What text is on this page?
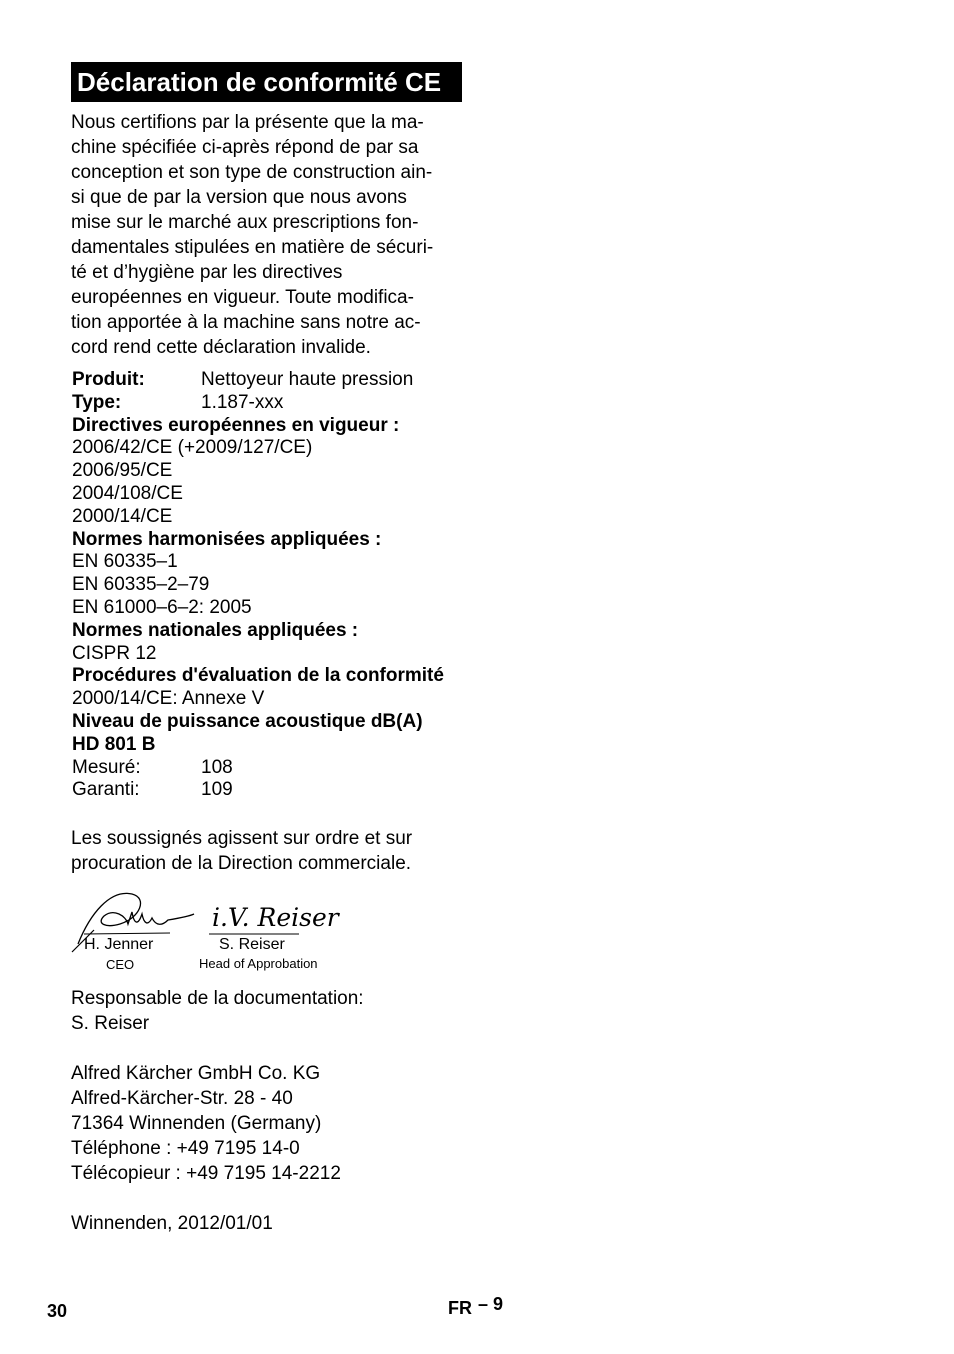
Déclaration de conformité CE
Nous certifions par la présente que la ma-
chine spécifiée ci-après répond de par sa
conception et son type de construction ain-
si que de par la version que nous avons
mise sur le marché aux prescriptions fon-
damentales stipulées en matière de sécuri-
té et d’hygiène par les directives
européennes en vigueur. Toute modifica-
tion apportée à la machine sans notre ac-
cord rend cette déclaration invalide.
Produit:	Nettoyeur haute pression
Type:	1.187-xxx
Directives européennes en vigueur :
2006/42/CE (+2009/127/CE)
2006/95/CE
2004/108/CE
2000/14/CE
Normes harmonisées appliquées :
EN 60335–1
EN 60335–2–79
EN 61000–6–2: 2005
Normes nationales appliquées :
CISPR 12
Procédures d'évaluation de la conformité
2000/14/CE: Annexe V
Niveau de puissance acoustique dB(A)
HD 801 B
Mesuré:	108
Garanti:	109
Les soussignés agissent sur ordre et sur
procuration de la Direction commerciale.
i.V. Reiser
H. Jenner
CEO
S. Reiser
Head of Approbation
Responsable de la documentation:
S. Reiser
Alfred Kärcher GmbH Co. KG
Alfred-Kärcher-Str. 28 - 40
71364 Winnenden (Germany)
Téléphone : +49 7195 14-0
Télécopieur : +49 7195 14-2212
Winnenden, 2012/01/01
30	FR – 9
